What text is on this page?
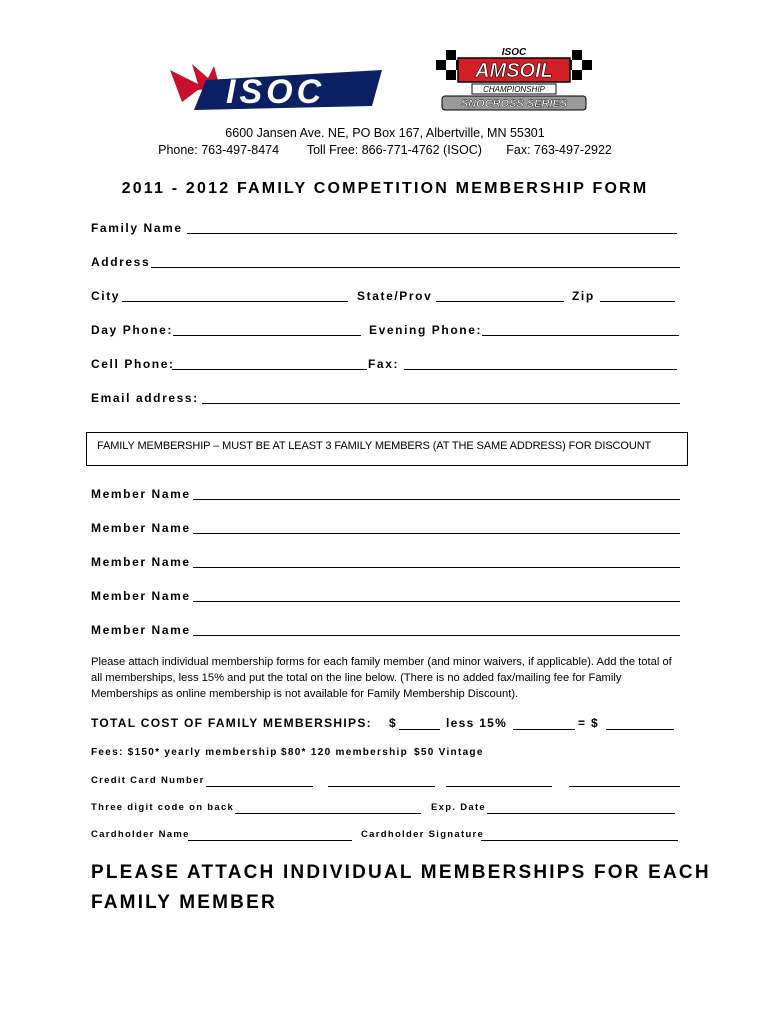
ISOC
ISOC
AMSOIL
CHAMPIONSHIP
SNOCROSS SERIES
6600 Jansen Ave. NE, PO Box 167, Albertville, MN 55301
Phone: 763-497-8474 Toll Free: 866-771-4762 (ISOC) Fax: 763-497-2922
2011 - 2012 FAMILY COMPETITION MEMBERSHIP FORM
Family Name
Address
City	State/Prov	Zip
Day Phone:	Evening Phone:
Cell Phone:	Fax:
Email address:
FAMILY MEMBERSHIP – MUST BE AT LEAST 3 FAMILY MEMBERS (AT THE SAME ADDRESS) FOR DISCOUNT
Member Name
Member Name
Member Name
Member Name
Member Name
Please attach individual membership forms for each family member (and minor waivers, if applicable). Add the total of all memberships, less 15% and put the total on the line below. (There is no added fax/mailing fee for Family Memberships as online membership is not available for Family Membership Discount).
TOTAL COST OF FAMILY MEMBERSHIPS: $	less 15%	= $
Fees: $150* yearly membership $80* 120 membership $50 Vintage
Credit Card Number
Three digit code on back	Exp. Date
Cardholder Name	Cardholder Signature
PLEASE ATTACH INDIVIDUAL MEMBERSHIPS FOR EACH FAMILY MEMBER
